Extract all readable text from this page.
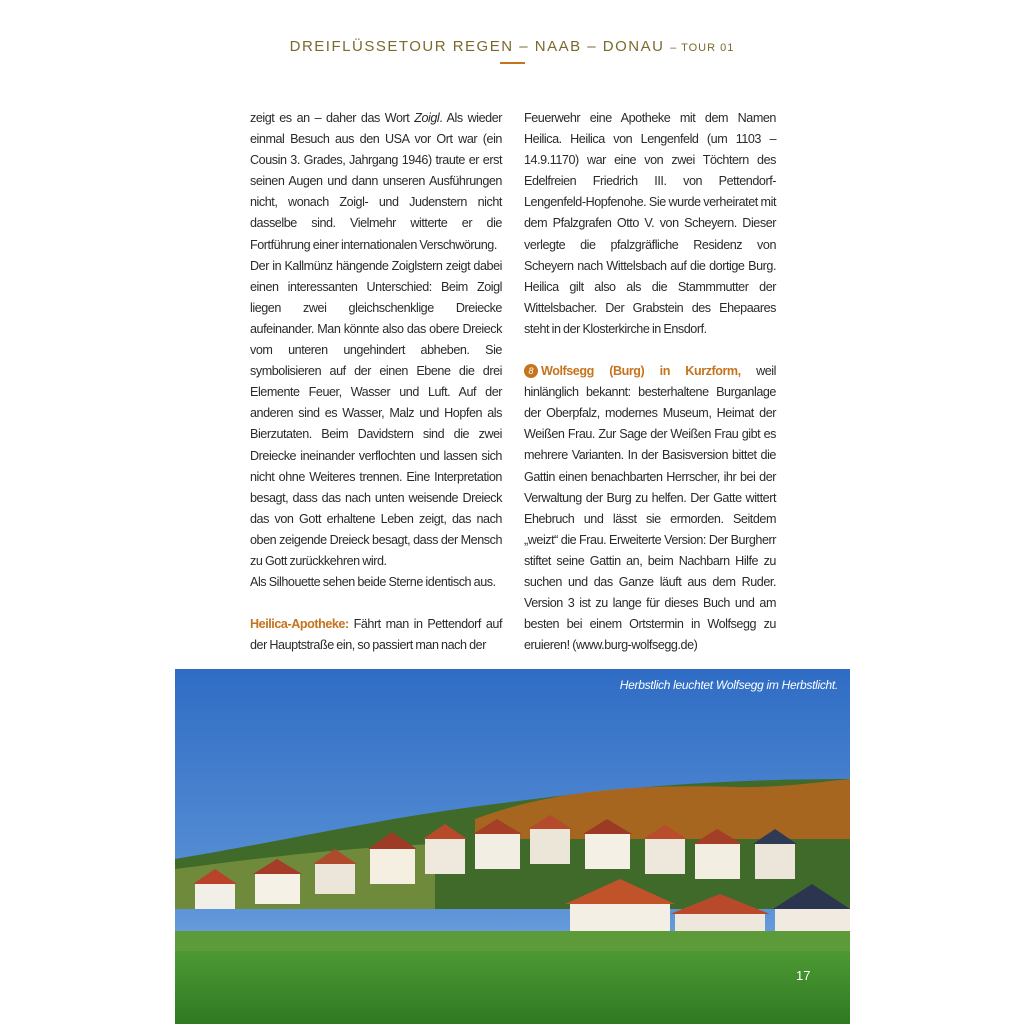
DREIFLÜSSETOUR REGEN – NAAB – DONAU – TOUR 01

zeigt es an – daher das Wort Zoigl. Als wieder einmal Besuch aus den USA vor Ort war (ein Cousin 3. Grades, Jahrgang 1946) traute er erst seinen Augen und dann unseren Ausführungen nicht, wonach Zoigl- und Judenstern nicht dasselbe sind. Vielmehr witterte er die Fortführung einer internationalen Verschwörung.

Der in Kallmünz hängende Zoiglstern zeigt dabei einen interessanten Unterschied: Beim Zoigl liegen zwei gleichschenklige Dreiecke aufeinander. Man könnte also das obere Dreieck vom unteren ungehindert abheben. Sie symbolisieren auf der einen Ebene die drei Elemente Feuer, Wasser und Luft. Auf der anderen sind es Wasser, Malz und Hopfen als Bierzutaten. Beim Davidstern sind die zwei Dreiecke ineinander verflochten und lassen sich nicht ohne Weiteres trennen. Eine Interpretation besagt, dass das nach unten weisende Dreieck das von Gott erhaltene Leben zeigt, das nach oben zeigende Dreieck besagt, dass der Mensch zu Gott zurückkehren wird.

Als Silhouette sehen beide Sterne identisch aus.

Heilica-Apotheke: Fährt man in Pettendorf auf der Hauptstraße ein, so passiert man nach der

Feuerwehr eine Apotheke mit dem Namen Heilica. Heilica von Lengenfeld (um 1103 – 14.9.1170) war eine von zwei Töchtern des Edelfreien Friedrich III. von Pettendorf-Lengenfeld-Hopfenohe. Sie wurde verheiratet mit dem Pfalzgrafen Otto V. von Scheyern. Dieser verlegte die pfalzgräfliche Residenz von Scheyern nach Wittelsbach auf die dortige Burg. Heilica gilt also als die Stammmutter der Wittelsbacher. Der Grabstein des Ehepaares steht in der Klosterkirche in Ensdorf.

8 Wolfsegg (Burg) in Kurzform, weil hinlänglich bekannt: besterhaltene Burganlage der Oberpfalz, modernes Museum, Heimat der Weißen Frau. Zur Sage der Weißen Frau gibt es mehrere Varianten. In der Basisversion bittet die Gattin einen benachbarten Herrscher, ihr bei der Verwaltung der Burg zu helfen. Der Gatte wittert Ehebruch und lässt sie ermorden. Seitdem „weizt“ die Frau. Erweiterte Version: Der Burgherr stiftet seine Gattin an, beim Nachbarn Hilfe zu suchen und das Ganze läuft aus dem Ruder. Version 3 ist zu lange für dieses Buch und am besten bei einem Ortstermin in Wolfsegg zu eruieren! (www.burg-wolfsegg.de)

Herbstlich leuchtet Wolfsegg im Herbstlicht.
17
